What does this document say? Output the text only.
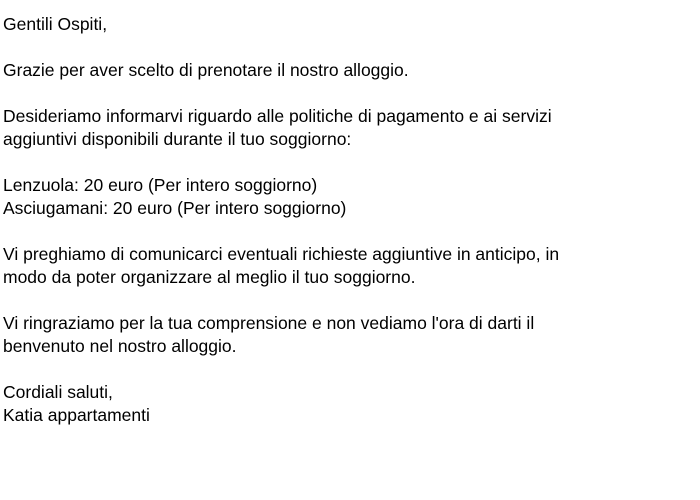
Gentili Ospiti,

Grazie per aver scelto di prenotare il nostro alloggio.

Desideriamo informarvi riguardo alle politiche di pagamento e ai servizi

aggiuntivi disponibili durante il tuo soggiorno:

Lenzuola: 20 euro (Per intero soggiorno)

Asciugamani: 20 euro (Per intero soggiorno)

Vi preghiamo di comunicarci eventuali richieste aggiuntive in anticipo, in

modo da poter organizzare al meglio il tuo soggiorno.

Vi ringraziamo per la tua comprensione e non vediamo l'ora di darti il

benvenuto nel nostro alloggio.

Cordiali saluti,

Katia appartamenti
